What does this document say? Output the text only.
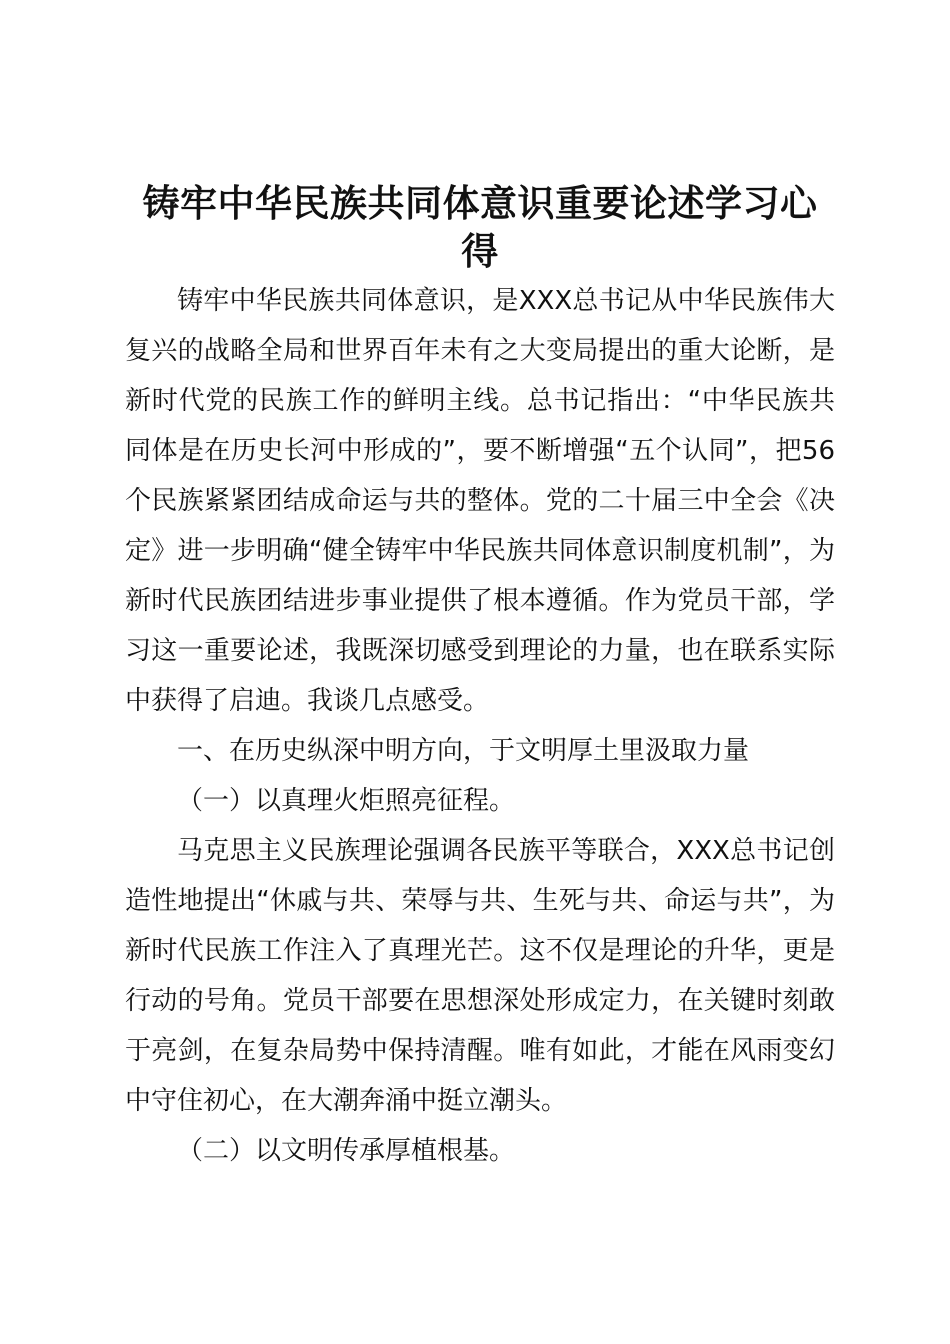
铸牢中华民族共同体意识重要论述学习心得

铸牢中华民族共同体意识，是XXX总书记从中华民族伟大复兴的战略全局和世界百年未有之大变局提出的重大论断，是新时代党的民族工作的鲜明主线。总书记指出：“中华民族共同体是在历史长河中形成的”，要不断增强“五个认同”，把56个民族紧紧团结成命运与共的整体。党的二十届三中全会《决定》进一步明确“健全铸牢中华民族共同体意识制度机制”，为新时代民族团结进步事业提供了根本遵循。作为党员干部，学习这一重要论述，我既深切感受到理论的力量，也在联系实际中获得了启迪。我谈几点感受。

一、在历史纵深中明方向，于文明厚土里汲取力量

（一）以真理火炬照亮征程。

马克思主义民族理论强调各民族平等联合，XXX总书记创造性地提出“休戚与共、荣辱与共、生死与共、命运与共”，为新时代民族工作注入了真理光芒。这不仅是理论的升华，更是行动的号角。党员干部要在思想深处形成定力，在关键时刻敢于亮剑，在复杂局势中保持清醒。唯有如此，才能在风雨变幻中守住初心，在大潮奔涌中挺立潮头。

（二）以文明传承厚植根基。
